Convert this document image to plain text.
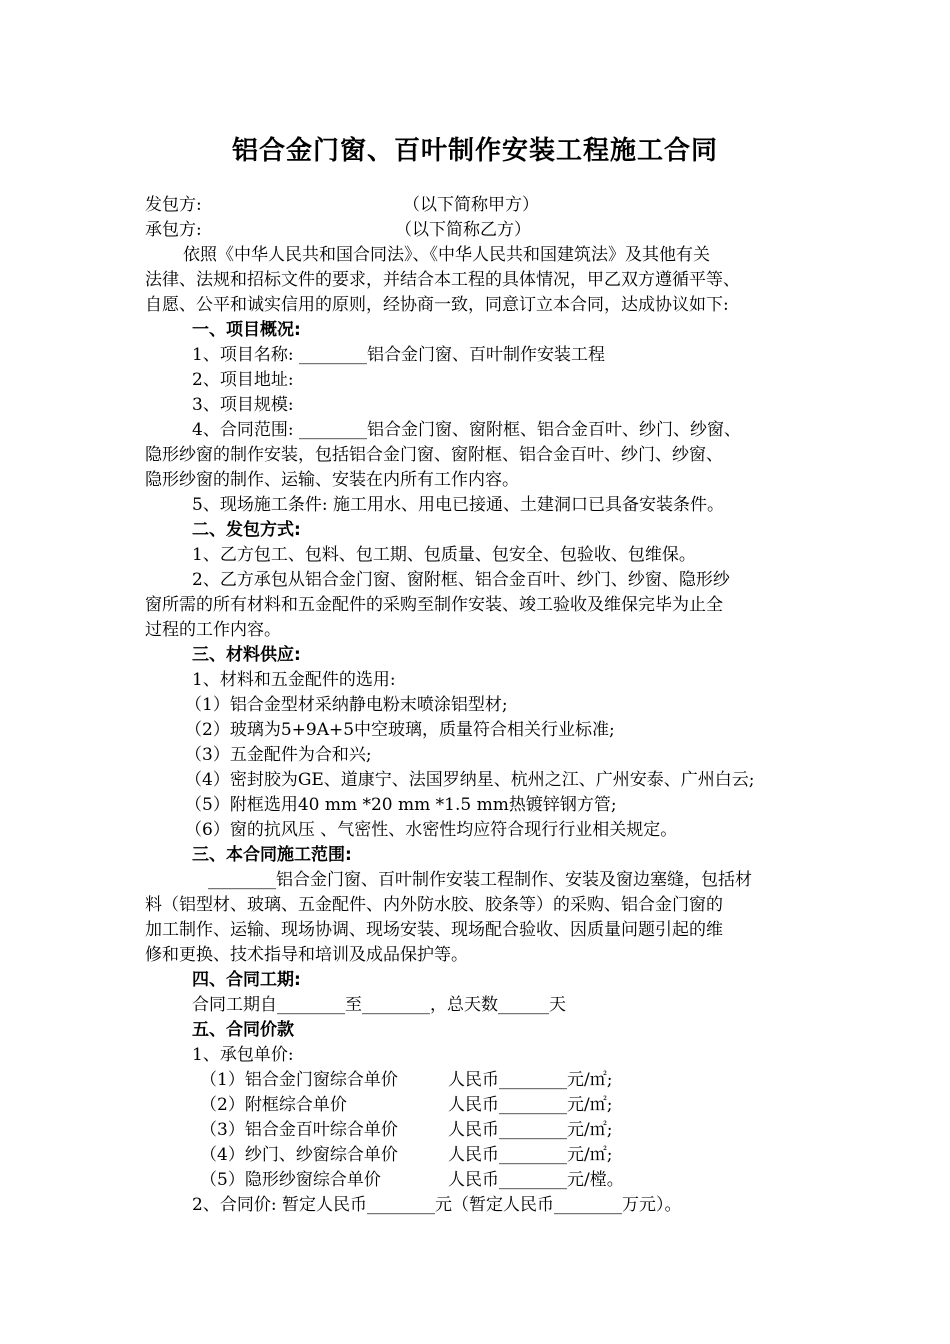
铝合金门窗、百叶制作安装工程施工合同
发包方:	（以下简称甲方）
承包方:	（以下简称乙方）
依照《中华人民共和国合同法》、《中华人民共和国建筑法》及其他有关
法律、法规和招标文件的要求，并结合本工程的具体情况，甲乙双方遵循平等、
自愿、公平和诚实信用的原则，经协商一致，同意订立本合同，达成协议如下:
一、项目概况:
1、项目名称: ________铝合金门窗、百叶制作安装工程
2、项目地址:
3、项目规模:
4、合同范围: ________铝合金门窗、窗附框、铝合金百叶、纱门、纱窗、
隐形纱窗的制作安装，包括铝合金门窗、窗附框、铝合金百叶、纱门、纱窗、
隐形纱窗的制作、运输、安装在内所有工作内容。
5、现场施工条件: 施工用水、用电已接通、土建洞口已具备安装条件。
二、发包方式:
1、乙方包工、包料、包工期、包质量、包安全、包验收、包维保。
2、乙方承包从铝合金门窗、窗附框、铝合金百叶、纱门、纱窗、隐形纱
窗所需的所有材料和五金配件的采购至制作安装、竣工验收及维保完毕为止全
过程的工作内容。
三、材料供应:
1、材料和五金配件的选用:
（1）铝合金型材采纳静电粉末喷涂铝型材;
（2）玻璃为5+9A+5中空玻璃，质量符合相关行业标准;
（3）五金配件为合和兴;
（4）密封胶为GE、道康宁、法国罗纳星、杭州之江、广州安泰、广州白云;
（5）附框选用40 mm *20 mm *1.5 mm热镀锌钢方管;
（6）窗的抗风压 、气密性、水密性均应符合现行行业相关规定。
三、本合同施工范围:
________铝合金门窗、百叶制作安装工程制作、安装及窗边塞缝，包括材
料（铝型材、玻璃、五金配件、内外防水胶、胶条等）的采购、铝合金门窗的
加工制作、运输、现场协调、现场安装、现场配合验收、因质量问题引起的维
修和更换、技术指导和培训及成品保护等。
四、合同工期:
合同工期自________至________，总天数______天
五、合同价款
1、承包单价:
（1）铝合金门窗综合单价	人民币________元/㎡;
（2）附框综合单价	人民币________元/㎡;
（3）铝合金百叶综合单价	人民币________元/㎡;
（4）纱门、纱窗综合单价	人民币________元/㎡;
（5）隐形纱窗综合单价	人民币________元/樘。
2、合同价: 暂定人民币________元（暂定人民币________万元）。
